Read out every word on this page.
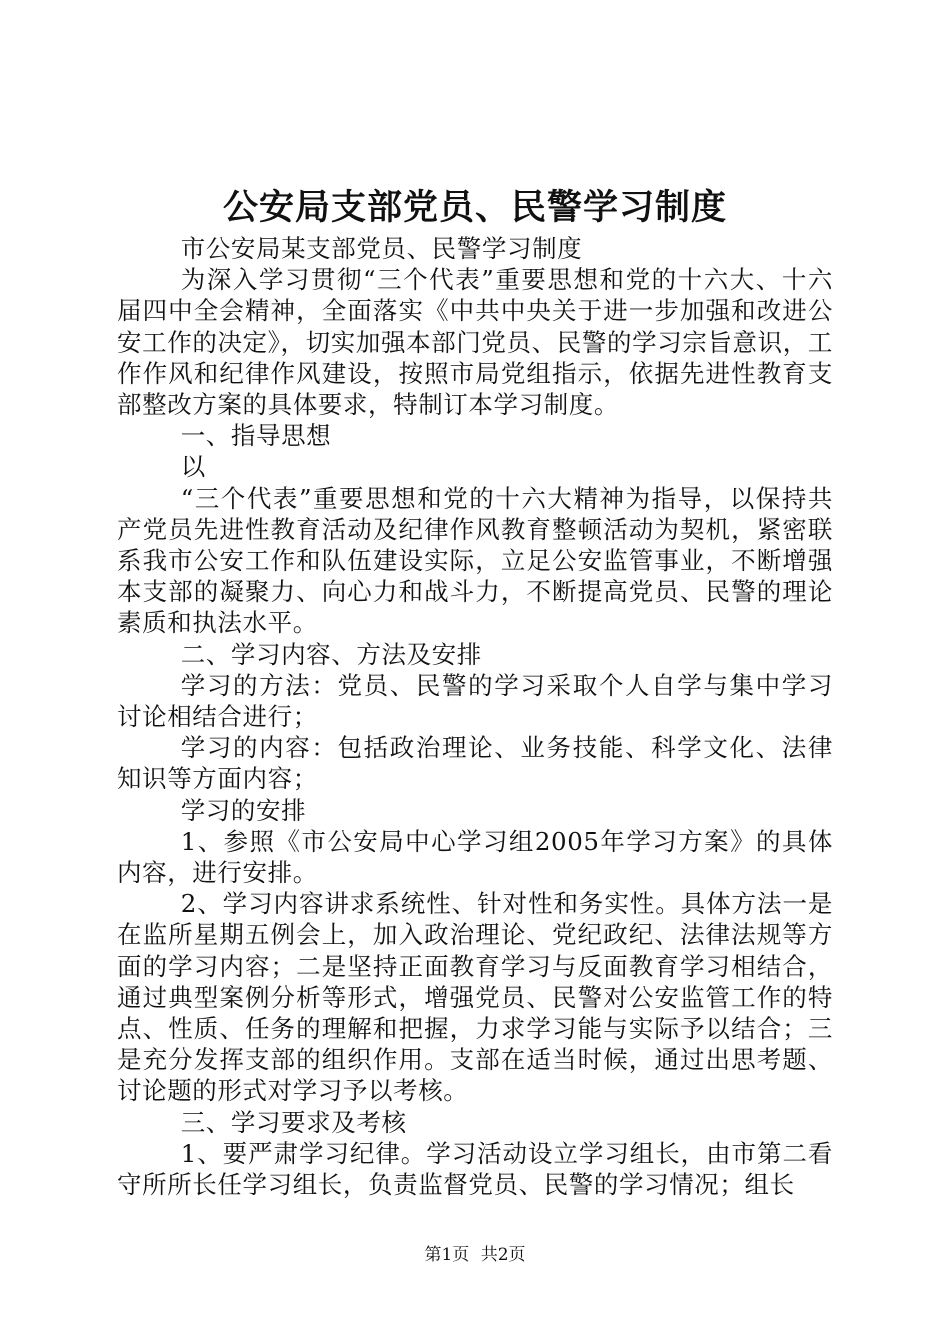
公安局支部党员、民警学习制度

市公安局某支部党员、民警学习制度

为深入学习贯彻“三个代表”重要思想和党的十六大、十六届四中全会精神，全面落实《中共中央关于进一步加强和改进公安工作的决定》，切实加强本部门党员、民警的学习宗旨意识，工作作风和纪律作风建设，按照市局党组指示，依据先进性教育支部整改方案的具体要求，特制订本学习制度。

一、指导思想

以

“三个代表”重要思想和党的十六大精神为指导，以保持共产党员先进性教育活动及纪律作风教育整顿活动为契机，紧密联系我市公安工作和队伍建设实际，立足公安监管事业，不断增强本支部的凝聚力、向心力和战斗力，不断提高党员、民警的理论素质和执法水平。

二、学习内容、方法及安排

学习的方法：党员、民警的学习采取个人自学与集中学习讨论相结合进行；

学习的内容：包括政治理论、业务技能、科学文化、法律知识等方面内容；

学习的安排

1、参照《市公安局中心学习组2005年学习方案》的具体内容，进行安排。

2、学习内容讲求系统性、针对性和务实性。具体方法一是在监所星期五例会上，加入政治理论、党纪政纪、法律法规等方面的学习内容；二是坚持正面教育学习与反面教育学习相结合，通过典型案例分析等形式，增强党员、民警对公安监管工作的特点、性质、任务的理解和把握，力求学习能与实际予以结合；三是充分发挥支部的组织作用。支部在适当时候，通过出思考题、讨论题的形式对学习予以考核。

三、学习要求及考核

1、要严肃学习纪律。学习活动设立学习组长，由市第二看守所所长任学习组长，负责监督党员、民警的学习情况；组长

第1页 共2页
